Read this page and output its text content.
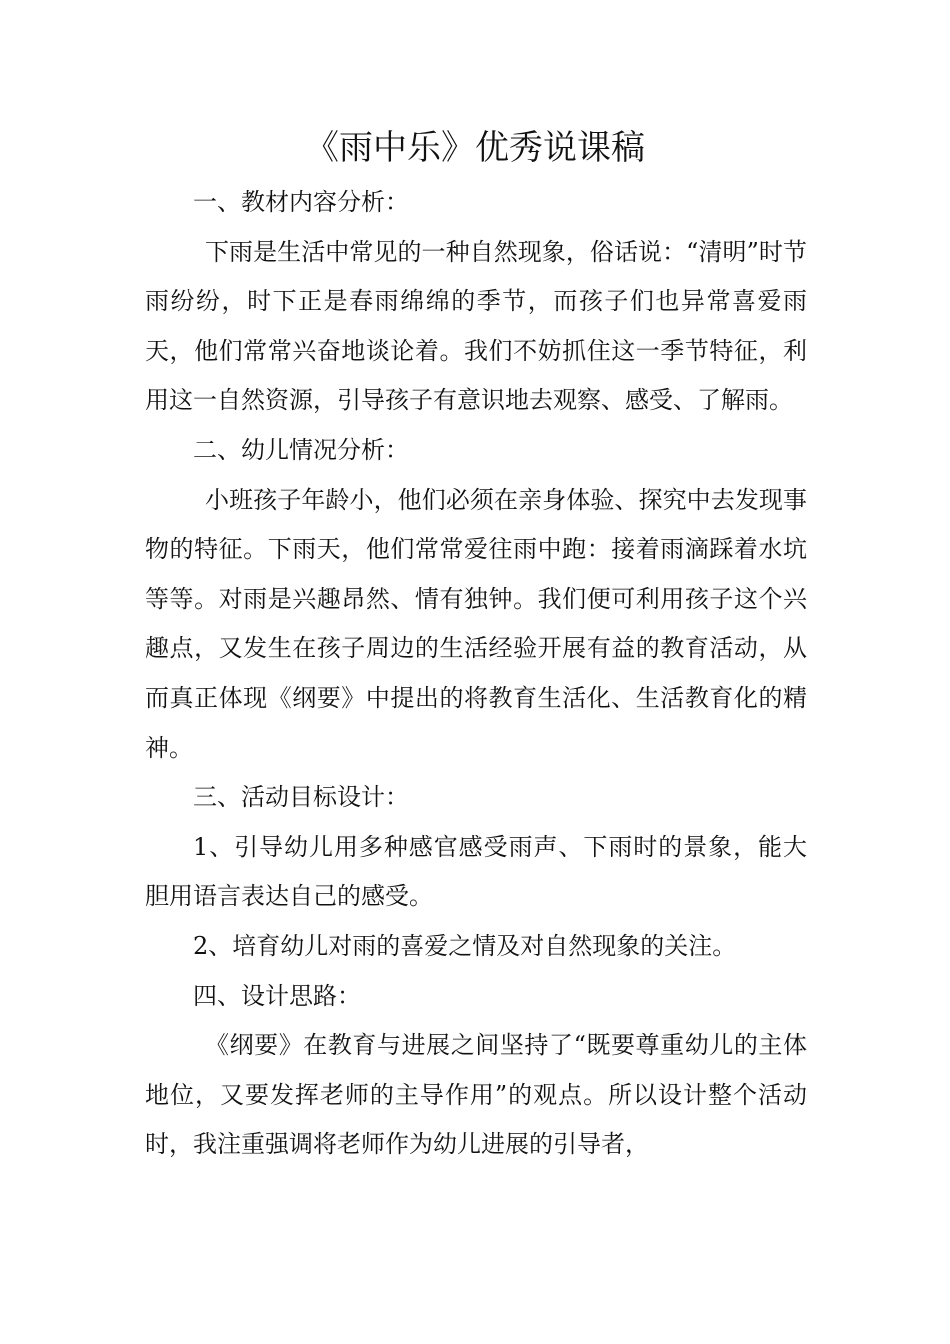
《雨中乐》优秀说课稿

一、教材内容分析：

下雨是生活中常见的一种自然现象，俗话说：“清明”时节雨纷纷，时下正是春雨绵绵的季节，而孩子们也异常喜爱雨天，他们常常兴奋地谈论着。我们不妨抓住这一季节特征，利用这一自然资源，引导孩子有意识地去观察、感受、了解雨。

二、幼儿情况分析：

小班孩子年龄小，他们必须在亲身体验、探究中去发现事物的特征。下雨天，他们常常爱往雨中跑：接着雨滴踩着水坑等等。对雨是兴趣昂然、情有独钟。我们便可利用孩子这个兴趣点，又发生在孩子周边的生活经验开展有益的教育活动，从而真正体现《纲要》中提出的将教育生活化、生活教育化的精神。

三、活动目标设计：

1、引导幼儿用多种感官感受雨声、下雨时的景象，能大胆用语言表达自己的感受。

2、培育幼儿对雨的喜爱之情及对自然现象的关注。

四、设计思路：

《纲要》在教育与进展之间坚持了“既要尊重幼儿的主体地位，又要发挥老师的主导作用”的观点。所以设计整个活动时，我注重强调将老师作为幼儿进展的引导者，
